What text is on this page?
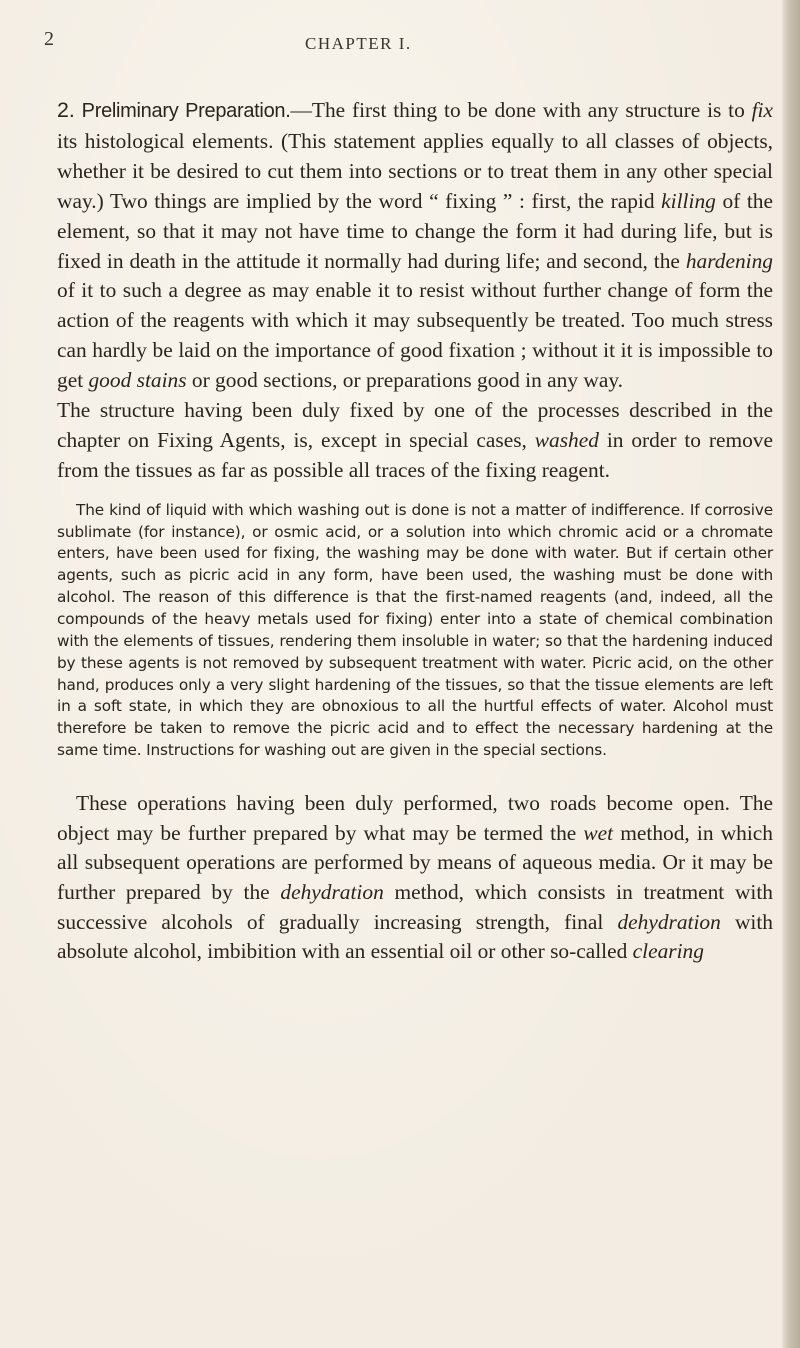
2	CHAPTER I.

2. Preliminary Preparation.—The first thing to be done with any structure is to fix its histological elements. (This statement applies equally to all classes of objects, whether it be desired to cut them into sections or to treat them in any other special way.) Two things are implied by the word “ fixing ” : first, the rapid killing of the element, so that it may not have time to change the form it had during life, but is fixed in death in the attitude it normally had during life; and second, the hardening of it to such a degree as may enable it to resist without further change of form the action of the reagents with which it may subsequently be treated. Too much stress can hardly be laid on the importance of good fixation ; without it it is impossible to get good stains or good sections, or preparations good in any way.

The structure having been duly fixed by one of the processes described in the chapter on Fixing Agents, is, except in special cases, washed in order to remove from the tissues as far as possible all traces of the fixing reagent.

The kind of liquid with which washing out is done is not a matter of indifference. If corrosive sublimate (for instance), or osmic acid, or a solution into which chromic acid or a chromate enters, have been used for fixing, the washing may be done with water. But if certain other agents, such as picric acid in any form, have been used, the washing must be done with alcohol. The reason of this difference is that the first-named reagents (and, indeed, all the compounds of the heavy metals used for fixing) enter into a state of chemical combination with the elements of tissues, rendering them insoluble in water; so that the hardening induced by these agents is not removed by subsequent treatment with water. Picric acid, on the other hand, produces only a very slight hardening of the tissues, so that the tissue elements are left in a soft state, in which they are obnoxious to all the hurtful effects of water. Alcohol must therefore be taken to remove the picric acid and to effect the necessary hardening at the same time. Instructions for washing out are given in the special sections.

These operations having been duly performed, two roads become open. The object may be further prepared by what may be termed the wet method, in which all subsequent operations are performed by means of aqueous media. Or it may be further prepared by the dehydration method, which consists in treatment with successive alcohols of gradually increasing strength, final dehydration with absolute alcohol, imbibition with an essential oil or other so-called clearing
